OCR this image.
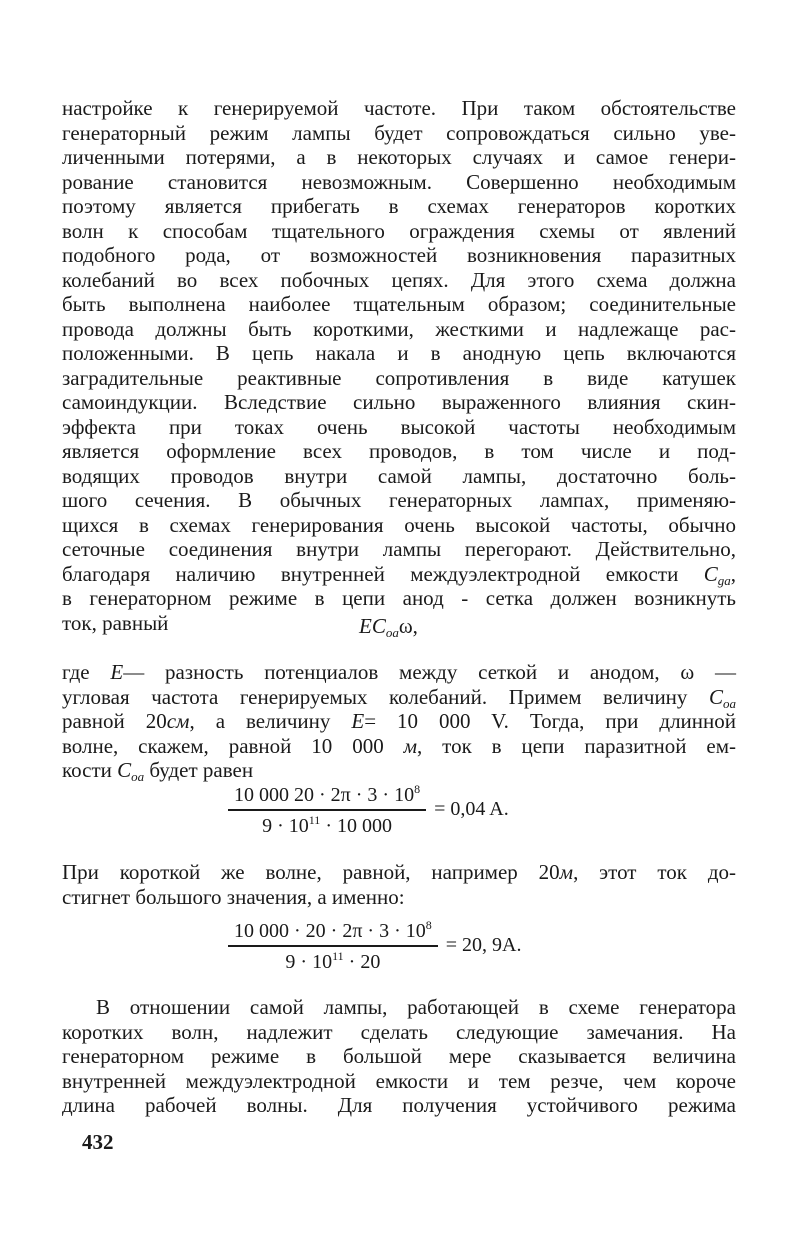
настройке к генерируемой частоте. При таком обстоятельстве
генераторный режим лампы будет сопровождаться сильно уве-
личенными потерями, а в некоторых случаях и самое генери-
рование становится невозможным. Совершенно необходимым
поэтому является прибегать в схемах генераторов коротких
волн к способам тщательного ограждения схемы от явлений
подобного рода, от возможностей возникновения паразитных
колебаний во всех побочных цепях. Для этого схема должна
быть выполнена наиболее тщательным образом; соединительные
провода должны быть короткими, жесткими и надлежаще рас-
положенными. В цепь накала и в анодную цепь включаются
заградительные реактивные сопротивления в виде катушек
самоиндукции. Вследствие сильно выраженного влияния скин-
эффекта при токах очень высокой частоты необходимым
является оформление всех проводов, в том числе и под-
водящих проводов внутри самой лампы, достаточно боль-
шого сечения. В обычных генераторных лампах, применяю-
щихся в схемах генерирования очень высокой частоты, обычно
сеточные соединения внутри лампы перегорают. Действительно,
благодаря наличию внутренней междуэлектродной емкости $C_{ga}$,
в генераторном режиме в цепи анод - сетка должен возникнуть
ток, равный	$EC_{oa}\omega$,
где E— разность потенциалов между сеткой и анодом, ω —
угловая частота генерируемых колебаний. Примем величину $C_{oa}$
равной 20см, а величину E= 10 000 V. Тогда, при длинной
волне, скажем, равной 10 000 м, ток в цепи паразитной ем-
кости $C_{oa}$ будет равен
$\frac{10 000 20 \cdot 2\pi \cdot 3 \cdot 10^8}{9 \cdot 10^{11} \cdot 10 000} = 0,04$ A.
При короткой же волне, равной, например 20м, этот ток до-
стигнет большого значения, а именно:
$\frac{10 000 \cdot 20 \cdot 2\pi \cdot 3 \cdot 10^8}{9 \cdot 10^{11} \cdot 20} = 20$, 9A.
В отношении самой лампы, работающей в схеме генератора
коротких волн, надлежит сделать следующие замечания. На
генераторном режиме в большой мере сказывается величина
внутренней междуэлектродной емкости и тем резче, чем короче
длина рабочей волны. Для получения устойчивого режима
432
